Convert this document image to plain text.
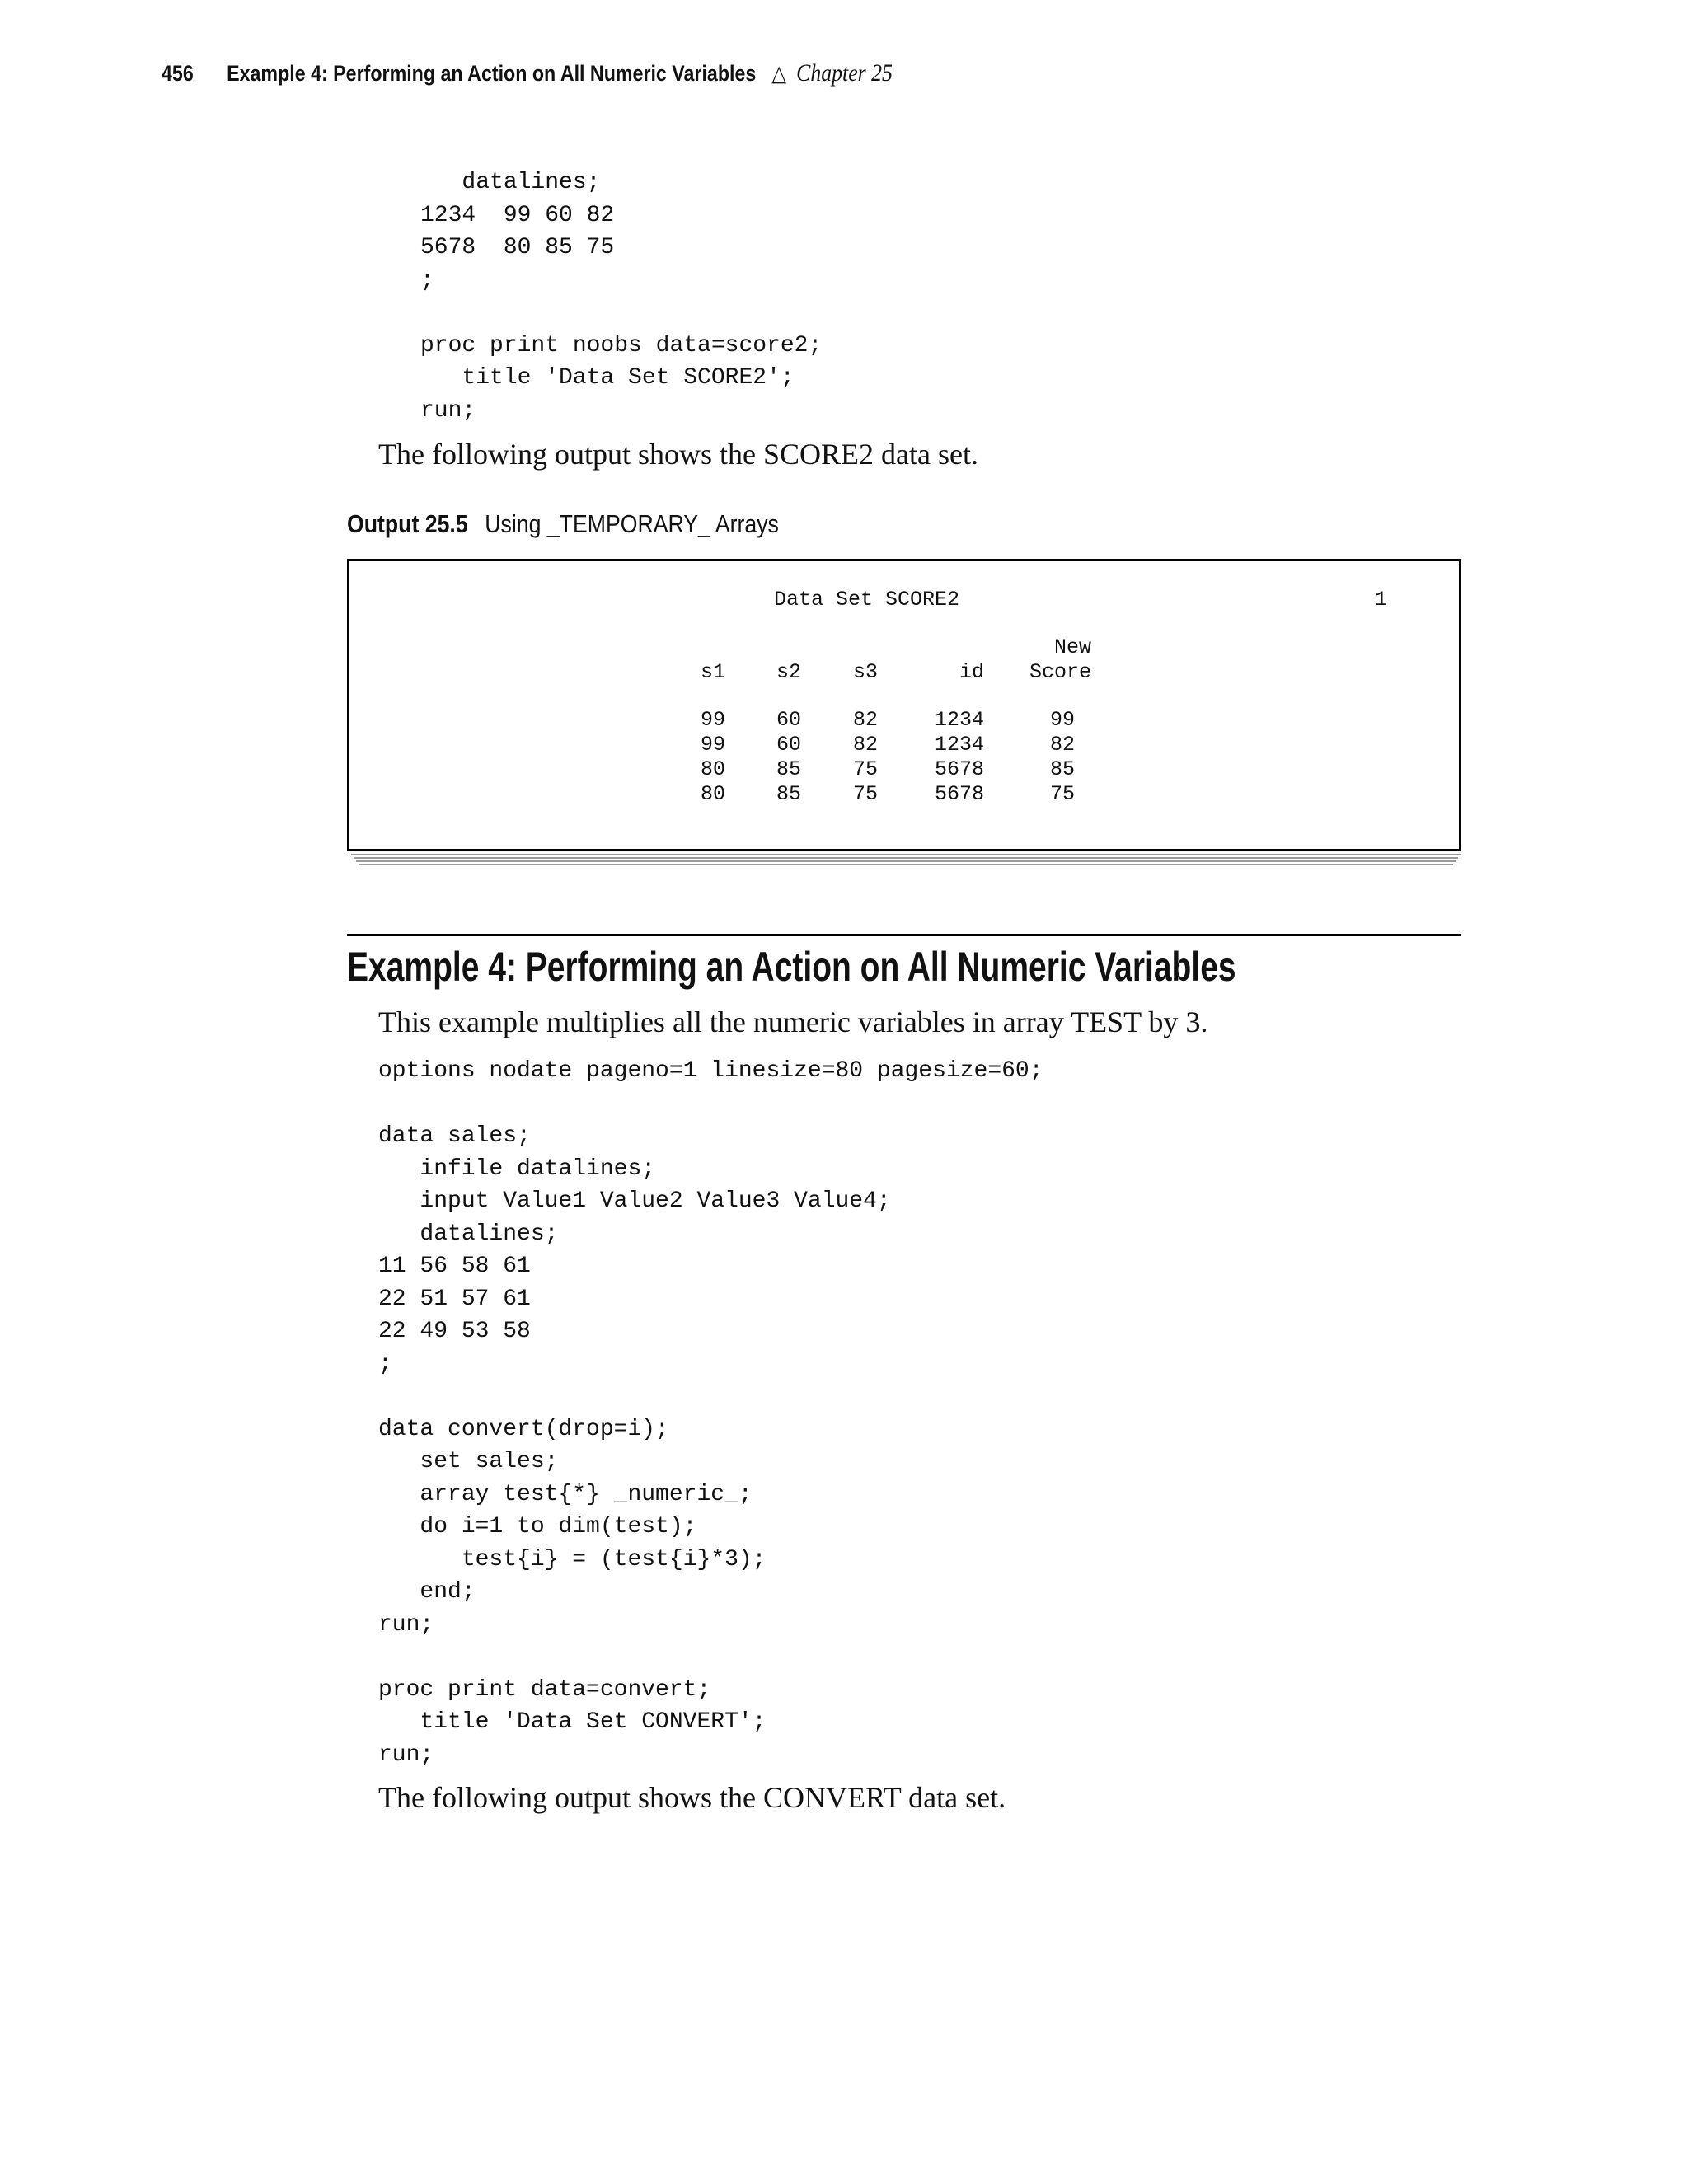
456 Example 4: Performing an Action on All Numeric Variables △ Chapter 25
datalines;
1234  99 60 82
5678  80 85 75
;

proc print noobs data=score2;
title 'Data Set SCORE2';
run;

The following output shows the SCORE2 data set.
Output 25.5 Using _TEMPORARY_ Arrays
Data Set SCORE2	1
New
s1	s2	s3	id	Score
99	60	82	1234	99
99	60	82	1234	82
80	85	75	5678	85
80	85	75	5678	75
Example 4: Performing an Action on All Numeric Variables
This example multiplies all the numeric variables in array TEST by 3.
options nodate pageno=1 linesize=80 pagesize=60;

data sales;
infile datalines;
input Value1 Value2 Value3 Value4;
datalines;
11 56 58 61
22 51 57 61
22 49 53 58
;

data convert(drop=i);
set sales;
array test{*} _numeric_;
do i=1 to dim(test);
test{i} = (test{i}*3);
end;
run;

proc print data=convert;
title 'Data Set CONVERT';
run;

The following output shows the CONVERT data set.
